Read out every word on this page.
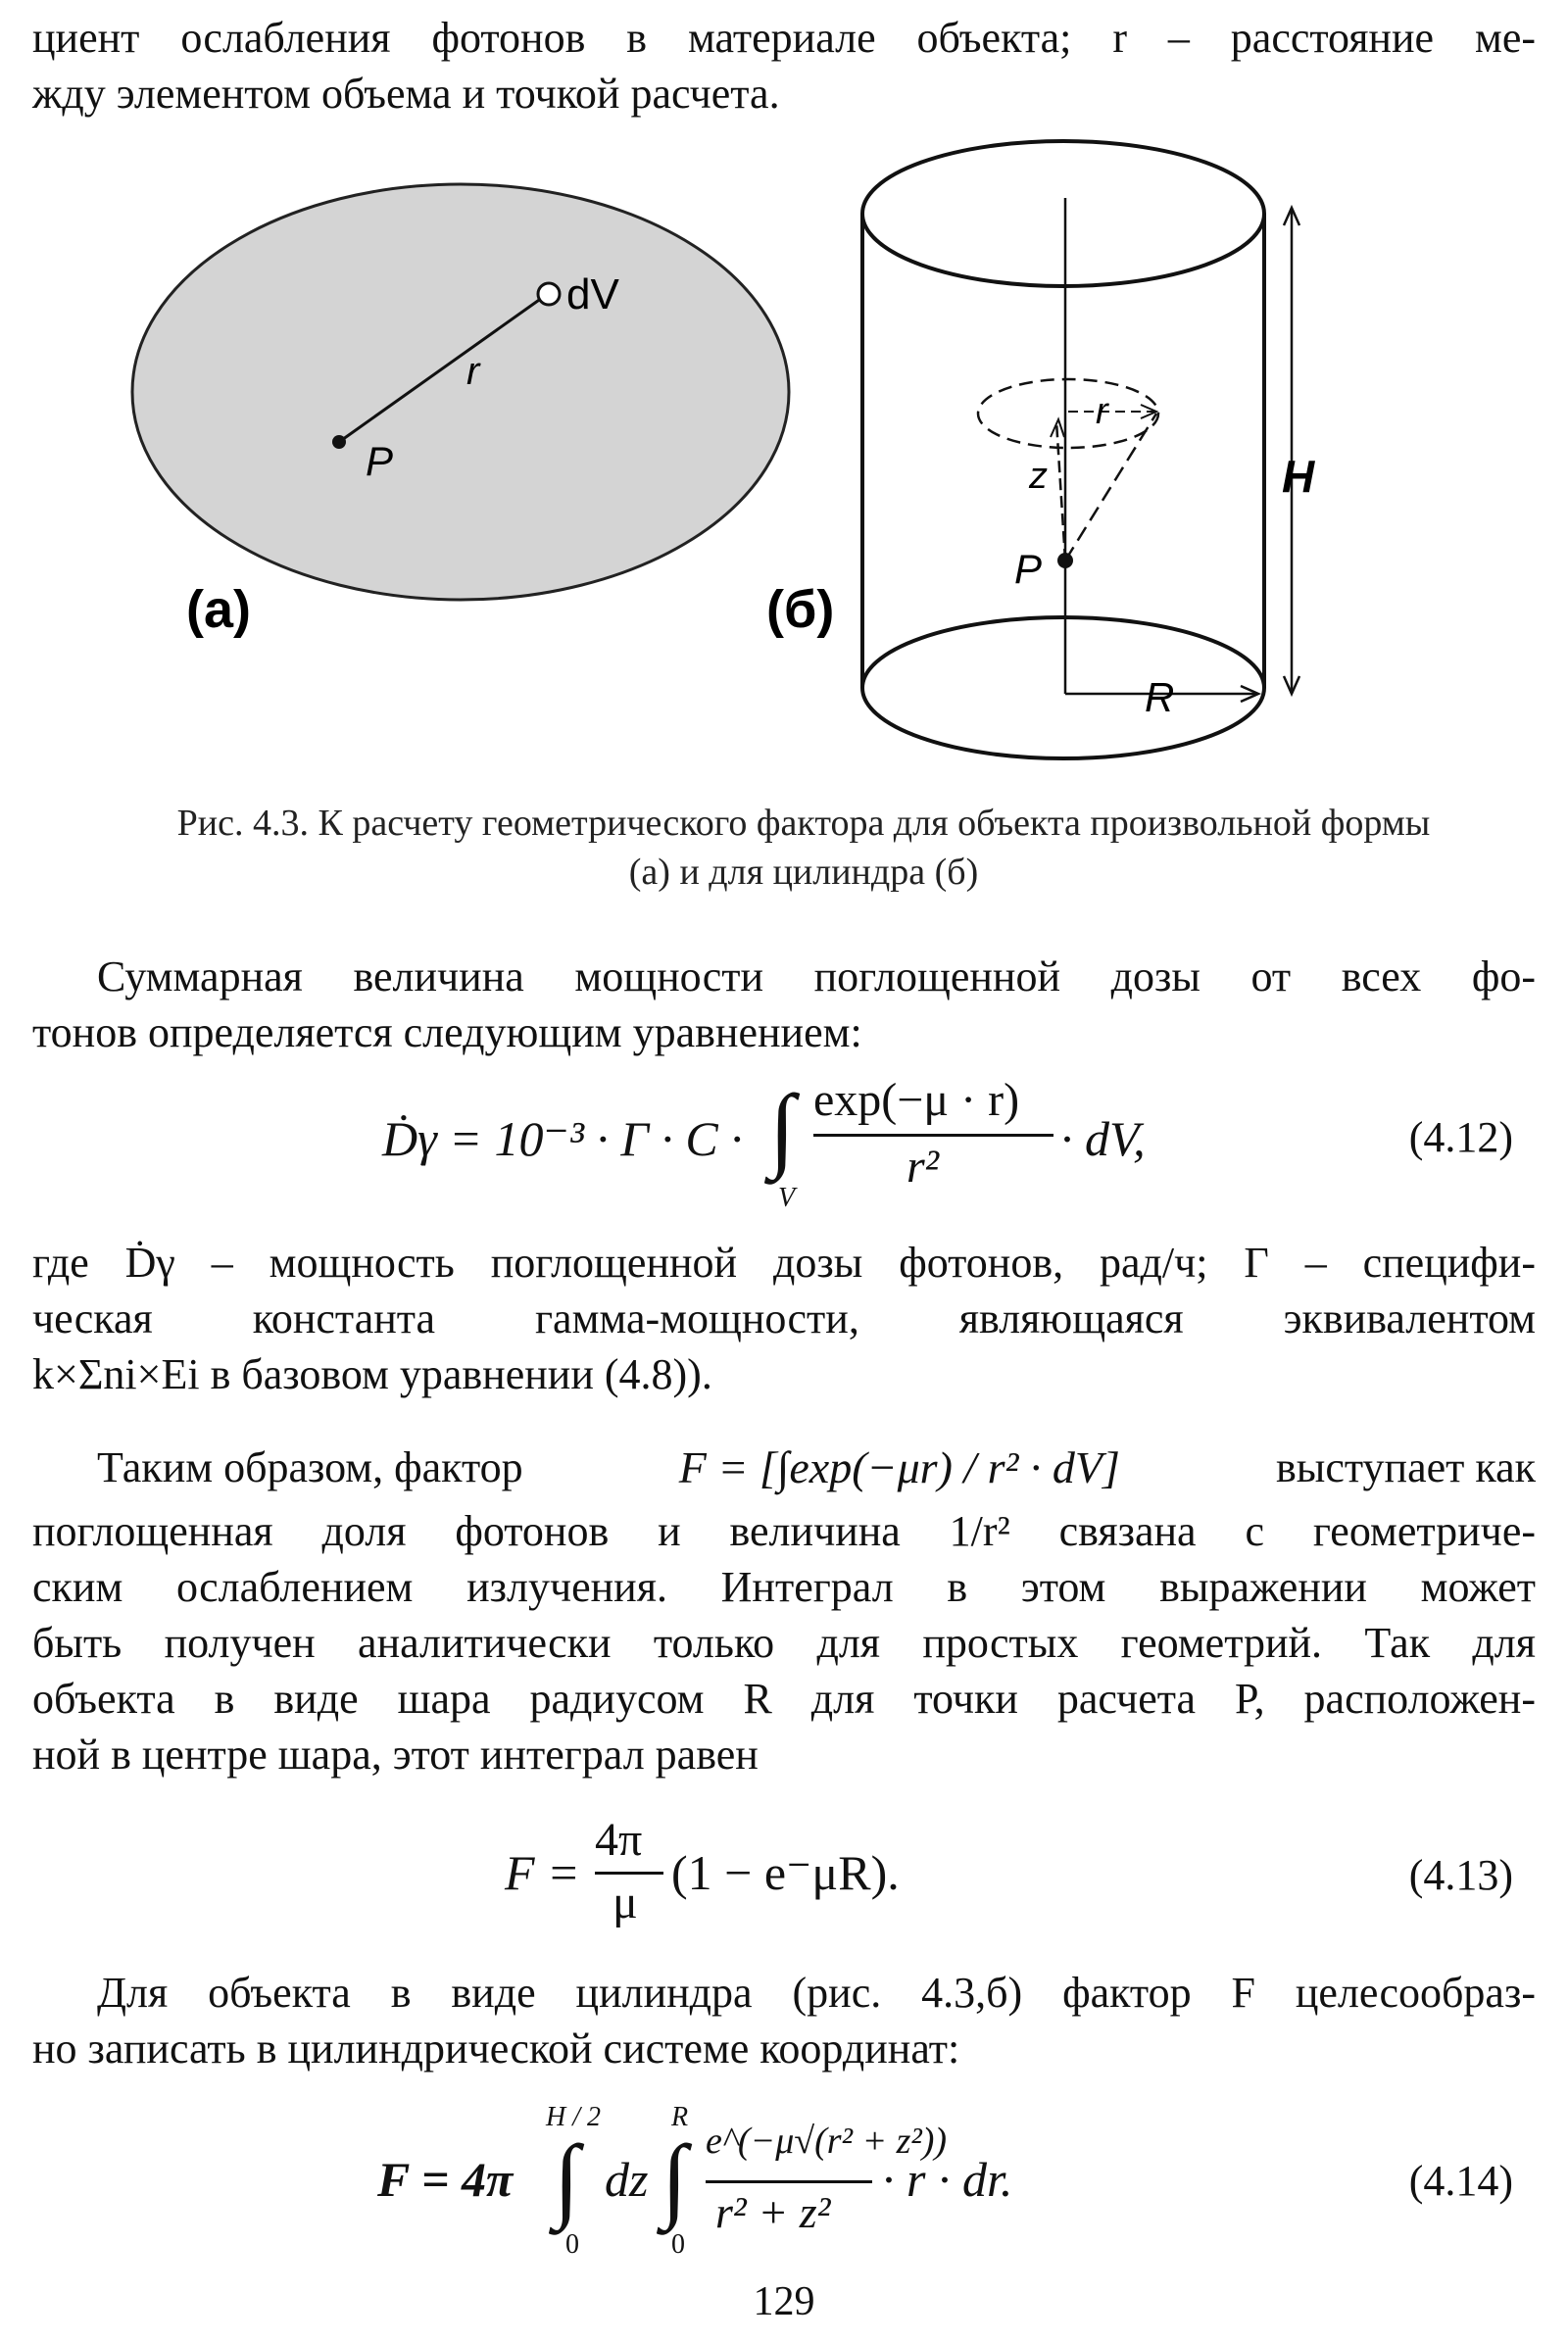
циент ослабления фотонов в материале объекта; r – расстояние ме-
жду элементом объема и точкой расчета.
dV
r
P
(а)
R
H
r
z
P
(б)
Рис. 4.3. К расчету геометрического фактора для объекта произвольной формы
(а) и для цилиндра (б)
Суммарная величина мощности поглощенной дозы от всех фо-
тонов определяется следующим уравнением:
Ḋγ = 10⁻³ · Г · C · ∫
V
exp(−μ · r)
r²
· dV,	(4.12)
где Ḋγ – мощность поглощенной дозы фотонов, рад/ч; Г – специфи-
ческая константа гамма-мощности, являющаяся эквивалентом
k×Σni×Ei в базовом уравнении (4.8)).
Таким образом, фактор	F = [∫exp(−μr) / r² · dV]	выступает как
поглощенная доля фотонов и величина 1/r² связана с геометриче-
ским ослаблением излучения. Интеграл в этом выражении может
быть получен аналитически только для простых геометрий. Так для
объекта в виде шара радиусом R для точки расчета P, расположен-
ной в центре шара, этот интеграл равен
F =
4π
μ
(1 − e⁻μR).	(4.13)
Для объекта в виде цилиндра (рис. 4.3,б) фактор F целесообраз-
но записать в цилиндрической системе координат:
F = 4π
H / 2
∫
0
dz
R
∫
0
e^(−μ√(r² + z²))
r² + z²
· r · dr.	(4.14)
129
